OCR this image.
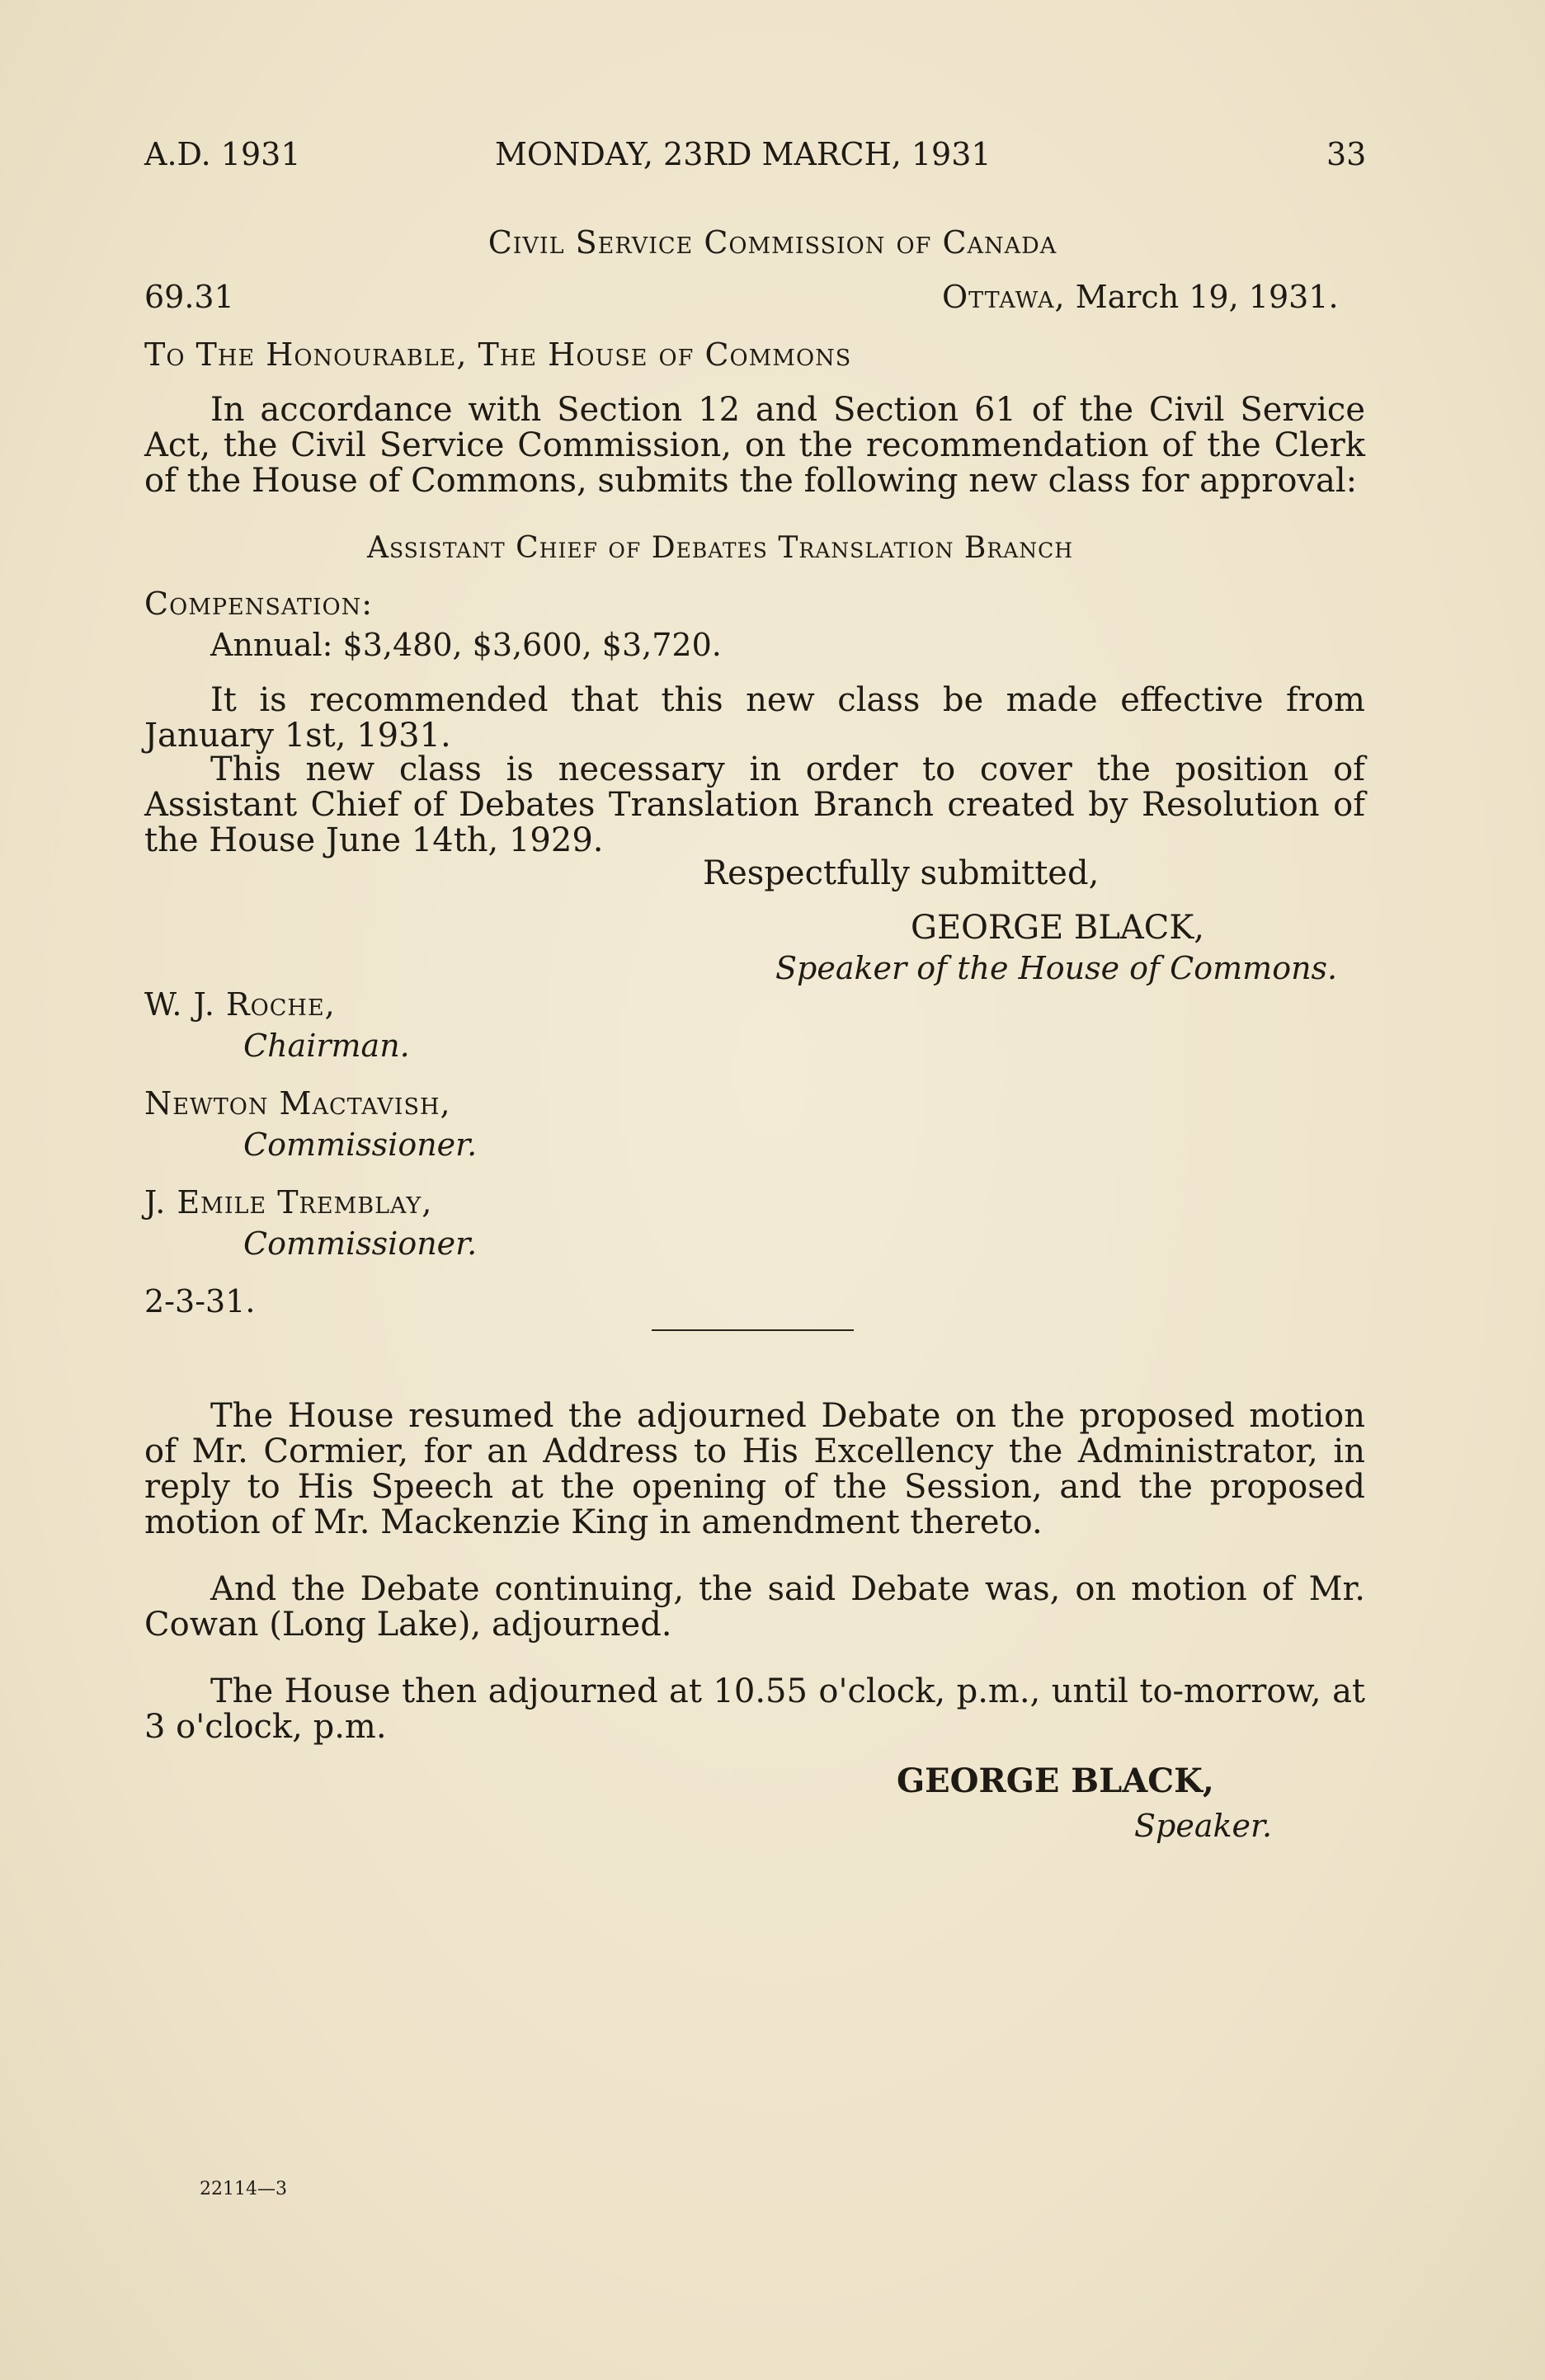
A.D. 1931	MONDAY, 23RD MARCH, 1931	33
Civil Service Commission of Canada
69.31	Ottawa, March 19, 1931.
To The Honourable, The House of Commons

In accordance with Section 12 and Section 61 of the Civil Service Act, the Civil Service Commission, on the recommendation of the Clerk of the House of Commons, submits the following new class for approval:

Assistant Chief of Debates Translation Branch
Compensation:
Annual: $3,480, $3,600, $3,720.

It is recommended that this new class be made effective from January 1st, 1931.

This new class is necessary in order to cover the position of Assistant Chief of Debates Translation Branch created by Resolution of the House June 14th, 1929.

Respectfully submitted,
GEORGE BLACK,
Speaker of the House of Commons.
W. J. Roche,
Chairman.
Newton Mactavish,
Commissioner.
J. Emile Tremblay,
Commissioner.
2-3-31.

The House resumed the adjourned Debate on the proposed motion of Mr. Cormier, for an Address to His Excellency the Administrator, in reply to His Speech at the opening of the Session, and the proposed motion of Mr. Mackenzie King in amendment thereto.

And the Debate continuing, the said Debate was, on motion of Mr. Cowan (Long Lake), adjourned.

The House then adjourned at 10.55 o'clock, p.m., until to-morrow, at 3 o'clock, p.m.

GEORGE BLACK,
Speaker.
22114—3
